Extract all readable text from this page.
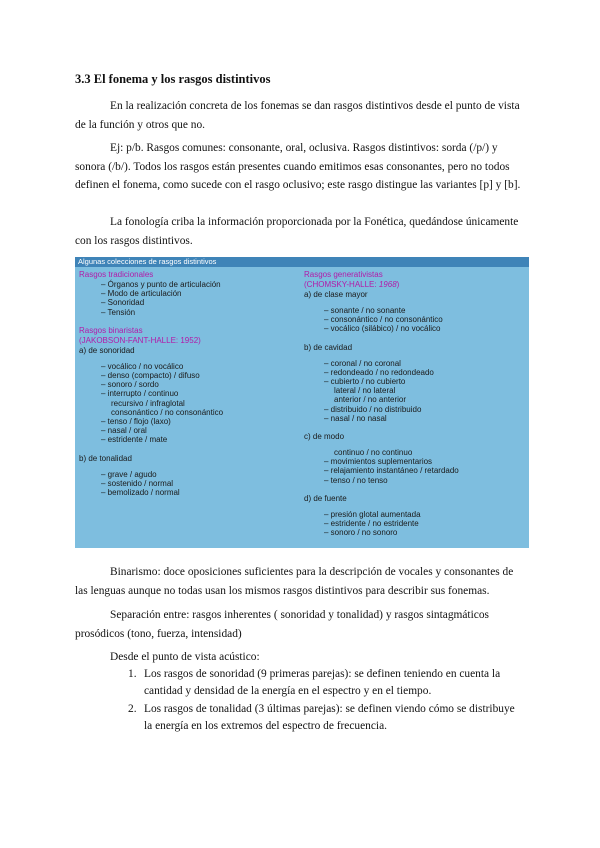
3.3 El fonema y los rasgos distintivos

En la realización concreta de los fonemas se dan rasgos distintivos desde el punto de vista de la función y otros que no.

Ej: p/b. Rasgos comunes: consonante, oral, oclusiva. Rasgos distintivos: sorda (/p/) y sonora (/b/). Todos los rasgos están presentes cuando emitimos esas consonantes, pero no todos definen el fonema, como sucede con el rasgo oclusivo; este rasgo distingue las variantes [p] y [b].

La fonología criba la información proporcionada por la Fonética, quedándose únicamente con los rasgos distintivos.

Algunas colecciones de rasgos distintivos
Rasgos tradicionales
– Órganos y punto de articulación
– Modo de articulación
– Sonoridad
– Tensión
Rasgos binaristas
(JAKOBSON-FANT-HALLE: 1952)
a) de sonoridad
– vocálico / no vocálico
– denso (compacto) / difuso
– sonoro / sordo
– interrupto / continuo
recursivo / infraglotal
consonántico / no consonántico
– tenso / flojo (laxo)
– nasal / oral
– estridente / mate
b) de tonalidad
– grave / agudo
– sostenido / normal
– bemolizado / normal
Rasgos generativistas
(CHOMSKY-HALLE: 1968)
a) de clase mayor
– sonante / no sonante
– consonántico / no consonántico
– vocálico (silábico) / no vocálico
b) de cavidad
– coronal / no coronal
– redondeado / no redondeado
– cubierto / no cubierto
lateral / no lateral
anterior / no anterior
– distribuido / no distribuido
– nasal / no nasal
c) de modo
continuo / no continuo
– movimientos suplementarios
– relajamiento instantáneo / retardado
– tenso / no tenso
d) de fuente
– presión glotal aumentada
– estridente / no estridente
– sonoro / no sonoro

Binarismo: doce oposiciones suficientes para la descripción de vocales y consonantes de las lenguas aunque no todas usan los mismos rasgos distintivos para describir sus fonemas.

Separación entre: rasgos inherentes ( sonoridad y tonalidad) y rasgos sintagmáticos prosódicos (tono, fuerza, intensidad)

Desde el punto de vista acústico:

1. Los rasgos de sonoridad (9 primeras parejas): se definen teniendo en cuenta la cantidad y densidad de la energía en el espectro y en el tiempo.
2. Los rasgos de tonalidad (3 últimas parejas): se definen viendo cómo se distribuye la energía en los extremos del espectro de frecuencia.
